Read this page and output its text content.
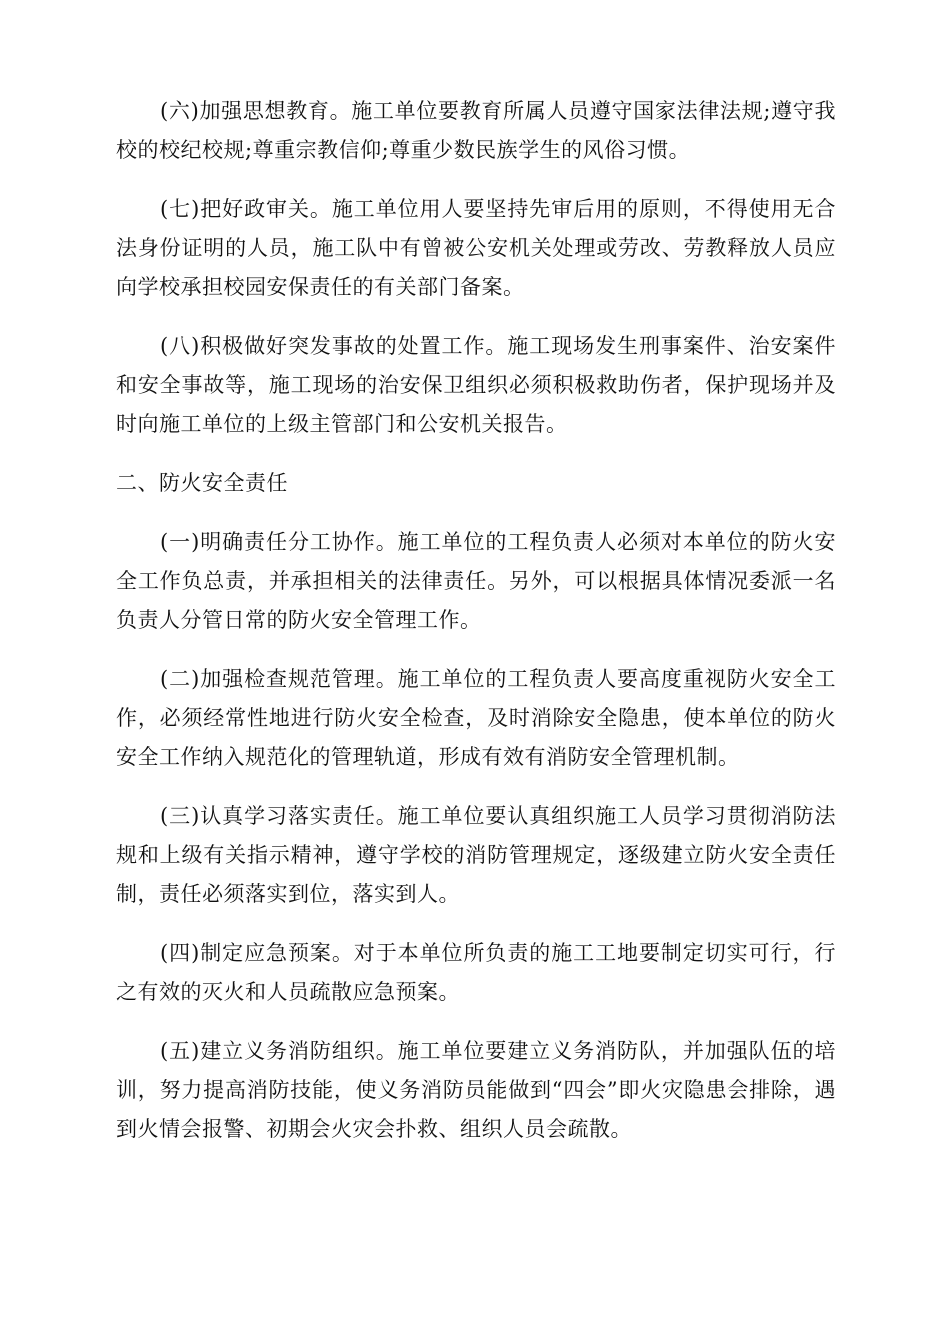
(六)加强思想教育。施工单位要教育所属人员遵守国家法律法规;遵守我校的校纪校规;尊重宗教信仰;尊重少数民族学生的风俗习惯。

(七)把好政审关。施工单位用人要坚持先审后用的原则，不得使用无合法身份证明的人员，施工队中有曾被公安机关处理或劳改、劳教释放人员应向学校承担校园安保责任的有关部门备案。

(八)积极做好突发事故的处置工作。施工现场发生刑事案件、治安案件和安全事故等，施工现场的治安保卫组织必须积极救助伤者，保护现场并及时向施工单位的上级主管部门和公安机关报告。

二、防火安全责任

(一)明确责任分工协作。施工单位的工程负责人必须对本单位的防火安全工作负总责，并承担相关的法律责任。另外，可以根据具体情况委派一名负责人分管日常的防火安全管理工作。

(二)加强检查规范管理。施工单位的工程负责人要高度重视防火安全工作，必须经常性地进行防火安全检查，及时消除安全隐患，使本单位的防火安全工作纳入规范化的管理轨道，形成有效有消防安全管理机制。

(三)认真学习落实责任。施工单位要认真组织施工人员学习贯彻消防法规和上级有关指示精神，遵守学校的消防管理规定，逐级建立防火安全责任制，责任必须落实到位，落实到人。

(四)制定应急预案。对于本单位所负责的施工工地要制定切实可行，行之有效的灭火和人员疏散应急预案。

(五)建立义务消防组织。施工单位要建立义务消防队，并加强队伍的培训，努力提高消防技能，使义务消防员能做到“四会”即火灾隐患会排除，遇到火情会报警、初期会火灾会扑救、组织人员会疏散。
